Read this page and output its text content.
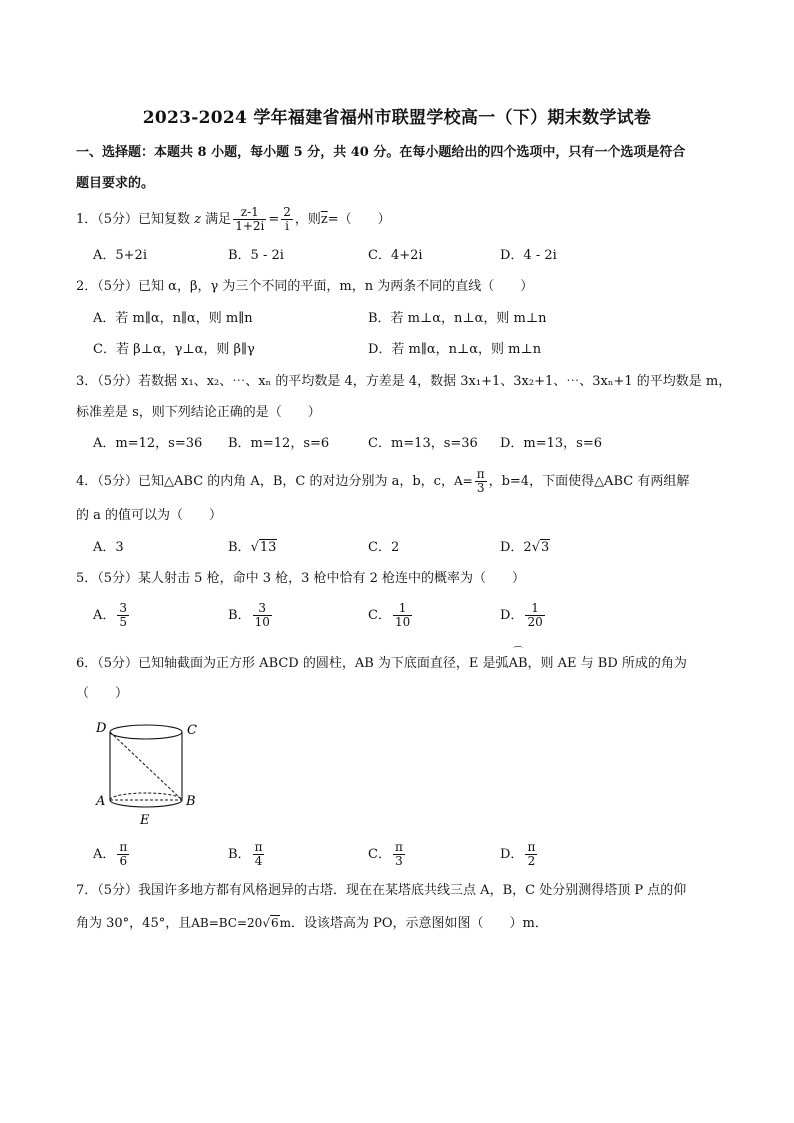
2023-2024 学年福建省福州市联盟学校高一（下）期末数学试卷
一、选择题：本题共 8 小题，每小题 5 分，共 40 分。在每小题给出的四个选项中，只有一个选项是符合
题目要求的。
1．（5分）已知复数 z 满足 $\frac{z-1}{1+2i} = \frac{2}{i}$ ，则$\overline{z}=$（　　）
A．5+2i	B．5 - 2i	C．4+2i	D．4 - 2i
2．（5分）已知 α，β，γ 为三个不同的平面，m，n 为两条不同的直线（　　）
A．若 m∥α，n∥α，则 m∥n	B．若 m⊥α，n⊥α，则 m⊥n
C．若 β⊥α，γ⊥α，则 β∥γ	D．若 m∥α，n⊥α，则 m⊥n
3．（5分）若数据 x₁、x₂、⋯、xₙ 的平均数是 4，方差是 4，数据 3x₁+1、3x₂+1、⋯、3xₙ+1 的平均数是 m，
标准差是 s，则下列结论正确的是（　　）
A．m=12，s=36 B．m=12，s=6	C．m=13，s=36 D．m=13，s=6
4．（5分）已知△ABC 的内角 A，B，C 的对边分别为 a，b，c，$A= \frac{\pi}{3}$ ，b=4，下面使得△ABC 有两组解
的 a 的值可以为（　　）
A．3	B．√13	C．2	D．2√3
5．（5分）某人射击 5 枪，命中 3 枪，3 枪中恰有 2 枪连中的概率为（　　）
A． $\frac{3}{5}$	B． $\frac{3}{10}$	C． $\frac{1}{10}$	D． $\frac{1}{20}$
6．（5分）已知轴截面为正方形 ABCD 的圆柱，AB 为下底面直径，E 是弧
⌒
AB，则 AE 与 BD 所成的角为
（　　）
D	C
A	B
E
A． $\frac{\pi}{6}$	B． $\frac{\pi}{4}$	C． $\frac{\pi}{3}$	D． $\frac{\pi}{2}$
7．（5分）我国许多地方都有风格迥异的古塔．现在在某塔底共线三点 A，B，C 处分别测得塔顶 P 点的仰
角为 30°，45°，且AB=BC=20√6m．设该塔高为 PO，示意图如图（　　）m．
